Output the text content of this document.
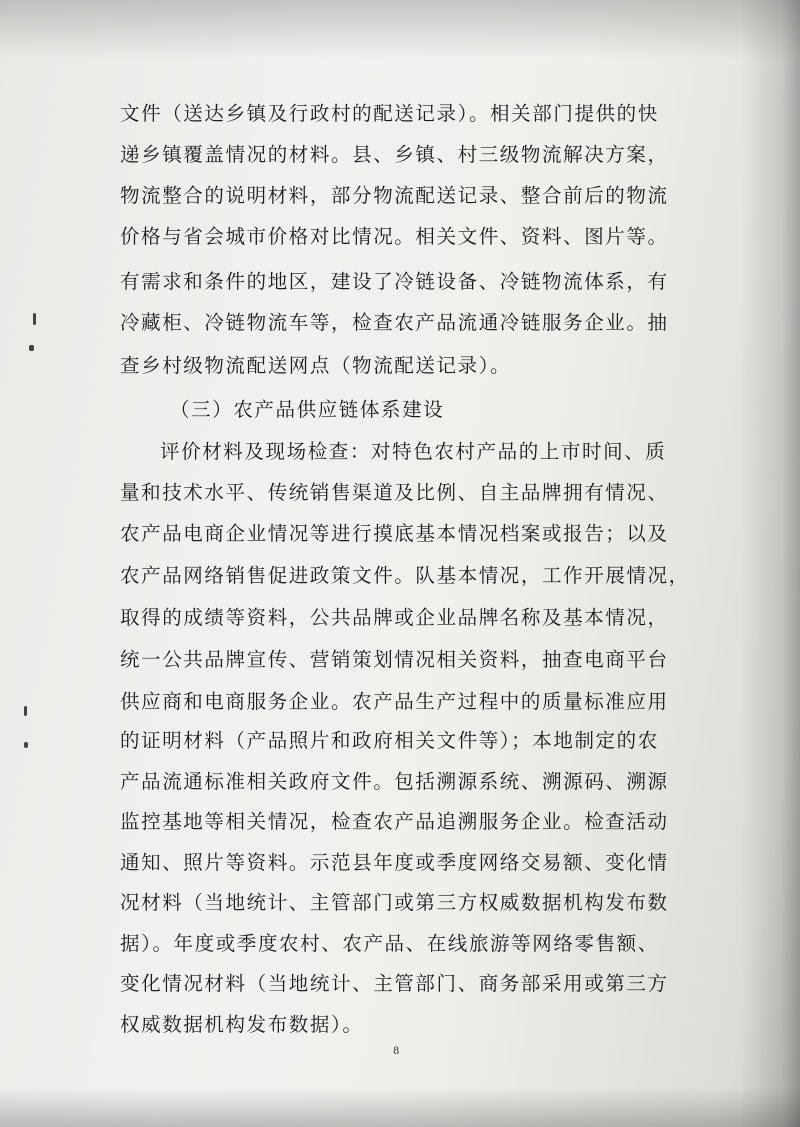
文件（送达乡镇及行政村的配送记录）。相关部门提供的快
递乡镇覆盖情况的材料。县、乡镇、村三级物流解决方案，
物流整合的说明材料，部分物流配送记录、整合前后的物流
价格与省会城市价格对比情况。相关文件、资料、图片等。
有需求和条件的地区，建设了冷链设备、冷链物流体系，有
冷藏柜、冷链物流车等，检查农产品流通冷链服务企业。抽
查乡村级物流配送网点（物流配送记录）。
（三）农产品供应链体系建设
评价材料及现场检查：对特色农村产品的上市时间、质
量和技术水平、传统销售渠道及比例、自主品牌拥有情况、
农产品电商企业情况等进行摸底基本情况档案或报告；以及
农产品网络销售促进政策文件。队基本情况，工作开展情况，
取得的成绩等资料，公共品牌或企业品牌名称及基本情况，
统一公共品牌宣传、营销策划情况相关资料，抽查电商平台
供应商和电商服务企业。农产品生产过程中的质量标准应用
的证明材料（产品照片和政府相关文件等）；本地制定的农
产品流通标准相关政府文件。包括溯源系统、溯源码、溯源
监控基地等相关情况，检查农产品追溯服务企业。检查活动
通知、照片等资料。示范县年度或季度网络交易额、变化情
况材料（当地统计、主管部门或第三方权威数据机构发布数
据）。年度或季度农村、农产品、在线旅游等网络零售额、
变化情况材料（当地统计、主管部门、商务部采用或第三方
权威数据机构发布数据）。
8
